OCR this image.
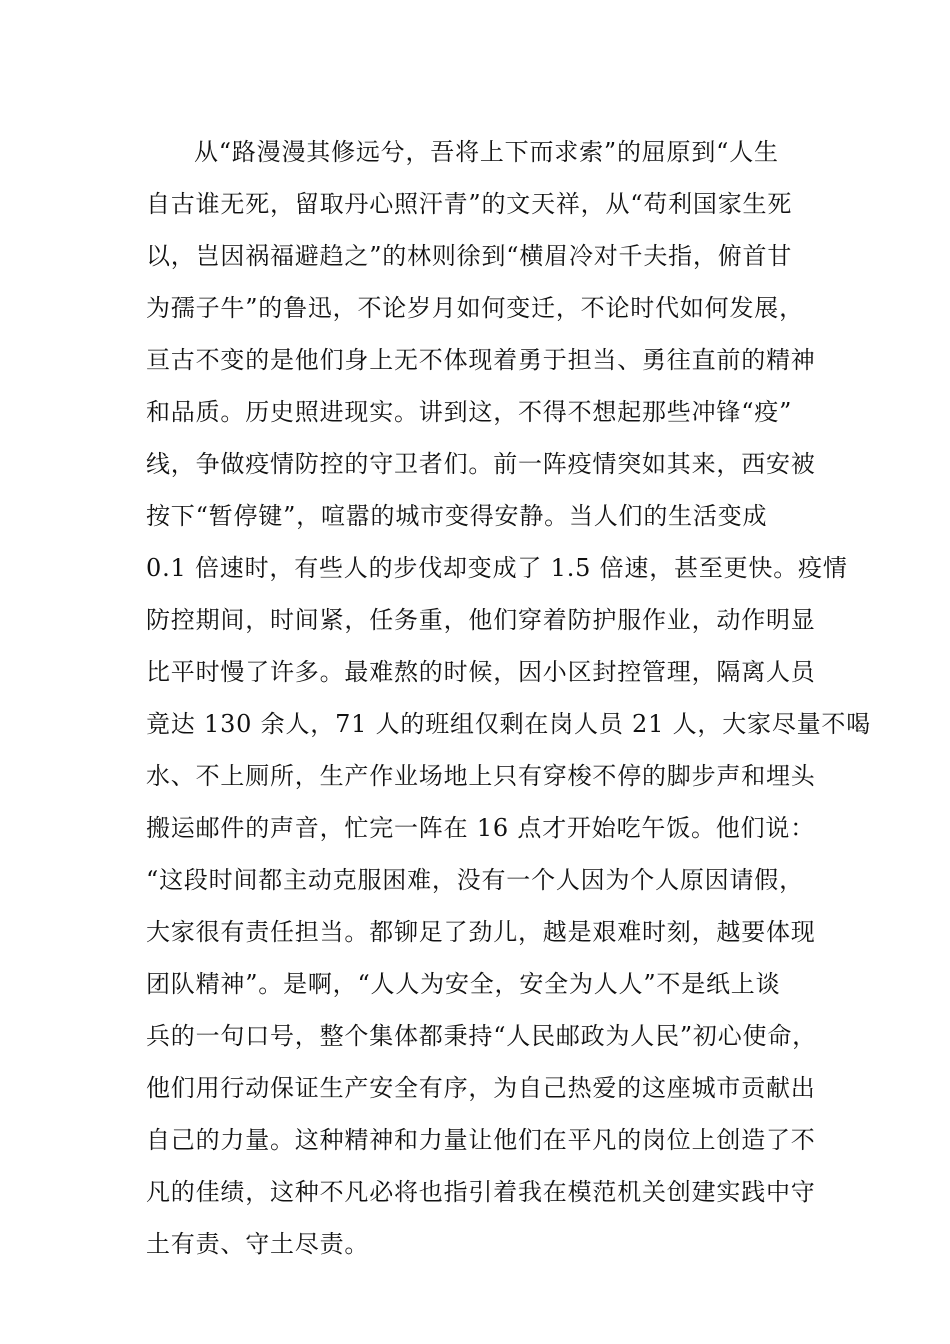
从“路漫漫其修远兮，吾将上下而求索”的屈原到“人生
自古谁无死，留取丹心照汗青”的文天祥，从“苟利国家生死
以，岂因祸福避趋之”的林则徐到“横眉冷对千夫指，俯首甘
为孺子牛”的鲁迅，不论岁月如何变迁，不论时代如何发展，
亘古不变的是他们身上无不体现着勇于担当、勇往直前的精神
和品质。历史照进现实。讲到这，不得不想起那些冲锋“疫”
线，争做疫情防控的守卫者们。前一阵疫情突如其来，西安被
按下“暂停键”，喧嚣的城市变得安静。当人们的生活变成
0.1 倍速时，有些人的步伐却变成了 1.5 倍速，甚至更快。疫情
防控期间，时间紧，任务重，他们穿着防护服作业，动作明显
比平时慢了许多。最难熬的时候，因小区封控管理，隔离人员
竟达 130 余人，71 人的班组仅剩在岗人员 21 人，大家尽量不喝
水、不上厕所，生产作业场地上只有穿梭不停的脚步声和埋头
搬运邮件的声音，忙完一阵在 16 点才开始吃午饭。他们说：
“这段时间都主动克服困难，没有一个人因为个人原因请假，
大家很有责任担当。都铆足了劲儿，越是艰难时刻，越要体现
团队精神”。是啊，“人人为安全，安全为人人”不是纸上谈
兵的一句口号，整个集体都秉持“人民邮政为人民”初心使命，
他们用行动保证生产安全有序，为自己热爱的这座城市贡献出
自己的力量。这种精神和力量让他们在平凡的岗位上创造了不
凡的佳绩，这种不凡必将也指引着我在模范机关创建实践中守
土有责、守土尽责。
